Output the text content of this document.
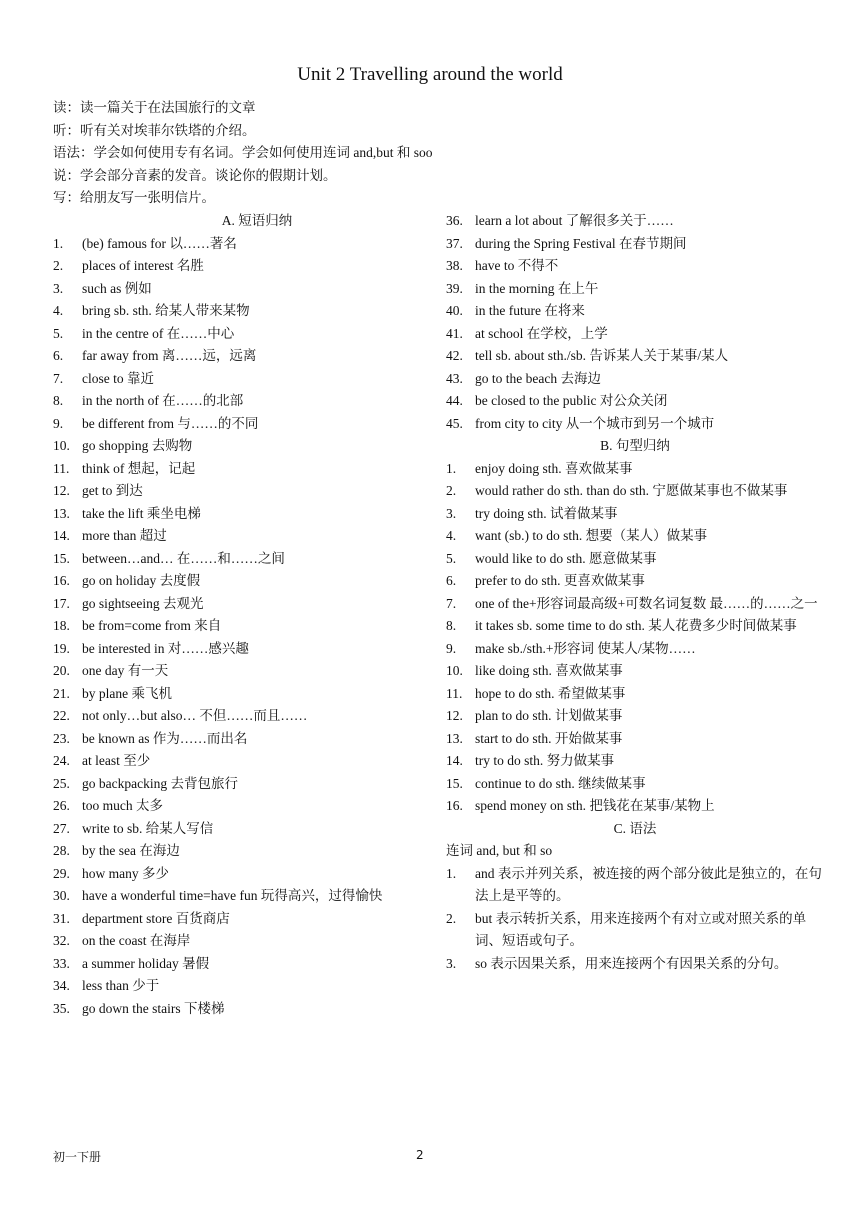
Unit 2 Travelling around the world
读：读一篇关于在法国旅行的文章
听：听有关对埃菲尔铁塔的介绍。
语法：学会如何使用专有名词。学会如何使用连词 and,but 和 soo
说：学会部分音素的发音。谈论你的假期计划。
写：给朋友写一张明信片。
A. 短语归纳
1.	(be) famous for 以……著名
2.	places of interest 名胜
3.	such as 例如
4.	bring sb. sth. 给某人带来某物
5.	in the centre of 在……中心
6.	far away from 离……远，远离
7.	close to 靠近
8.	in the north of 在……的北部
9.	be different from 与……的不同
10. go shopping 去购物
11. think of 想起，记起
12. get to 到达
13. take the lift 乘坐电梯
14. more than 超过
15. between…and… 在……和……之间
16. go on holiday 去度假
17. go sightseeing 去观光
18. be from=come from 来自
19. be interested in 对……感兴趣
20. one day 有一天
21. by plane 乘飞机
22. not only…but also… 不但……而且……
23. be known as 作为……而出名
24. at least 至少
25. go backpacking 去背包旅行
26. too much 太多
27. write to sb. 给某人写信
28. by the sea 在海边
29. how many 多少
30. have a wonderful time=have fun 玩得高兴，过得愉快
31. department store 百货商店
32. on the coast 在海岸
33. a summer holiday 暑假
34. less than 少于
35. go down the stairs 下楼梯
36. learn a lot about 了解很多关于……
37. during the Spring Festival 在春节期间
38. have to 不得不
39. in the morning 在上午
40. in the future 在将来
41. at school 在学校，上学
42. tell sb. about sth./sb. 告诉某人关于某事/某人
43. go to the beach 去海边
44. be closed to the public 对公众关闭
45. from city to city 从一个城市到另一个城市
B. 句型归纳
1.	enjoy doing sth. 喜欢做某事
2.	would rather do sth. than do sth. 宁愿做某事也不做某事
3.	try doing sth. 试着做某事
4.	want (sb.) to do sth. 想要（某人）做某事
5.	would like to do sth. 愿意做某事
6.	prefer to do sth. 更喜欢做某事
7.	one of the+形容词最高级+可数名词复数 最……的……之一
8.	it takes sb. some time to do sth. 某人花费多少时间做某事
9.	make sb./sth.+形容词 使某人/某物……
10. like doing sth. 喜欢做某事
11. hope to do sth. 希望做某事
12. plan to do sth. 计划做某事
13. start to do sth. 开始做某事
14. try to do sth. 努力做某事
15. continue to do sth. 继续做某事
16. spend money on sth. 把钱花在某事/某物上
C. 语法
连词 and, but 和 so
1.	and 表示并列关系，被连接的两个部分彼此是独立的，在句法上是平等的。
2.	but 表示转折关系，用来连接两个有对立或对照关系的单词、短语或句子。
3.	so 表示因果关系，用来连接两个有因果关系的分句。
初一下册	2
